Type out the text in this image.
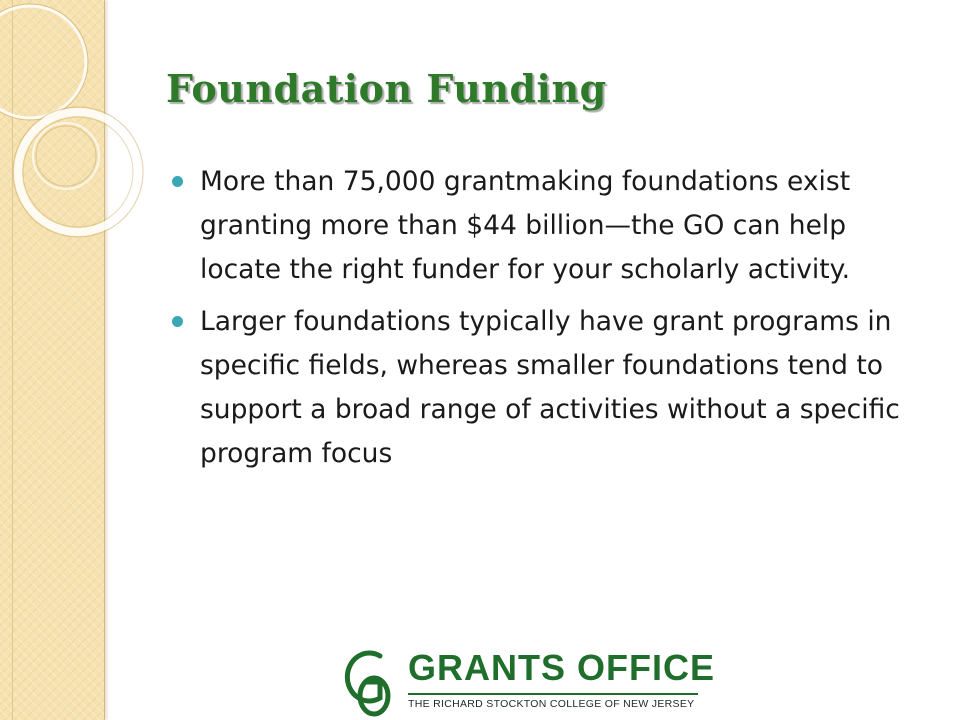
Foundation Funding
More than 75,000 grantmaking foundations exist granting more than $44 billion—the GO can help locate the right funder for your scholarly activity.
Larger foundations typically have grant programs in specific fields, whereas smaller foundations tend to support a broad range of activities without a specific program focus
GRANTS OFFICE
THE RICHARD STOCKTON COLLEGE OF NEW JERSEY
